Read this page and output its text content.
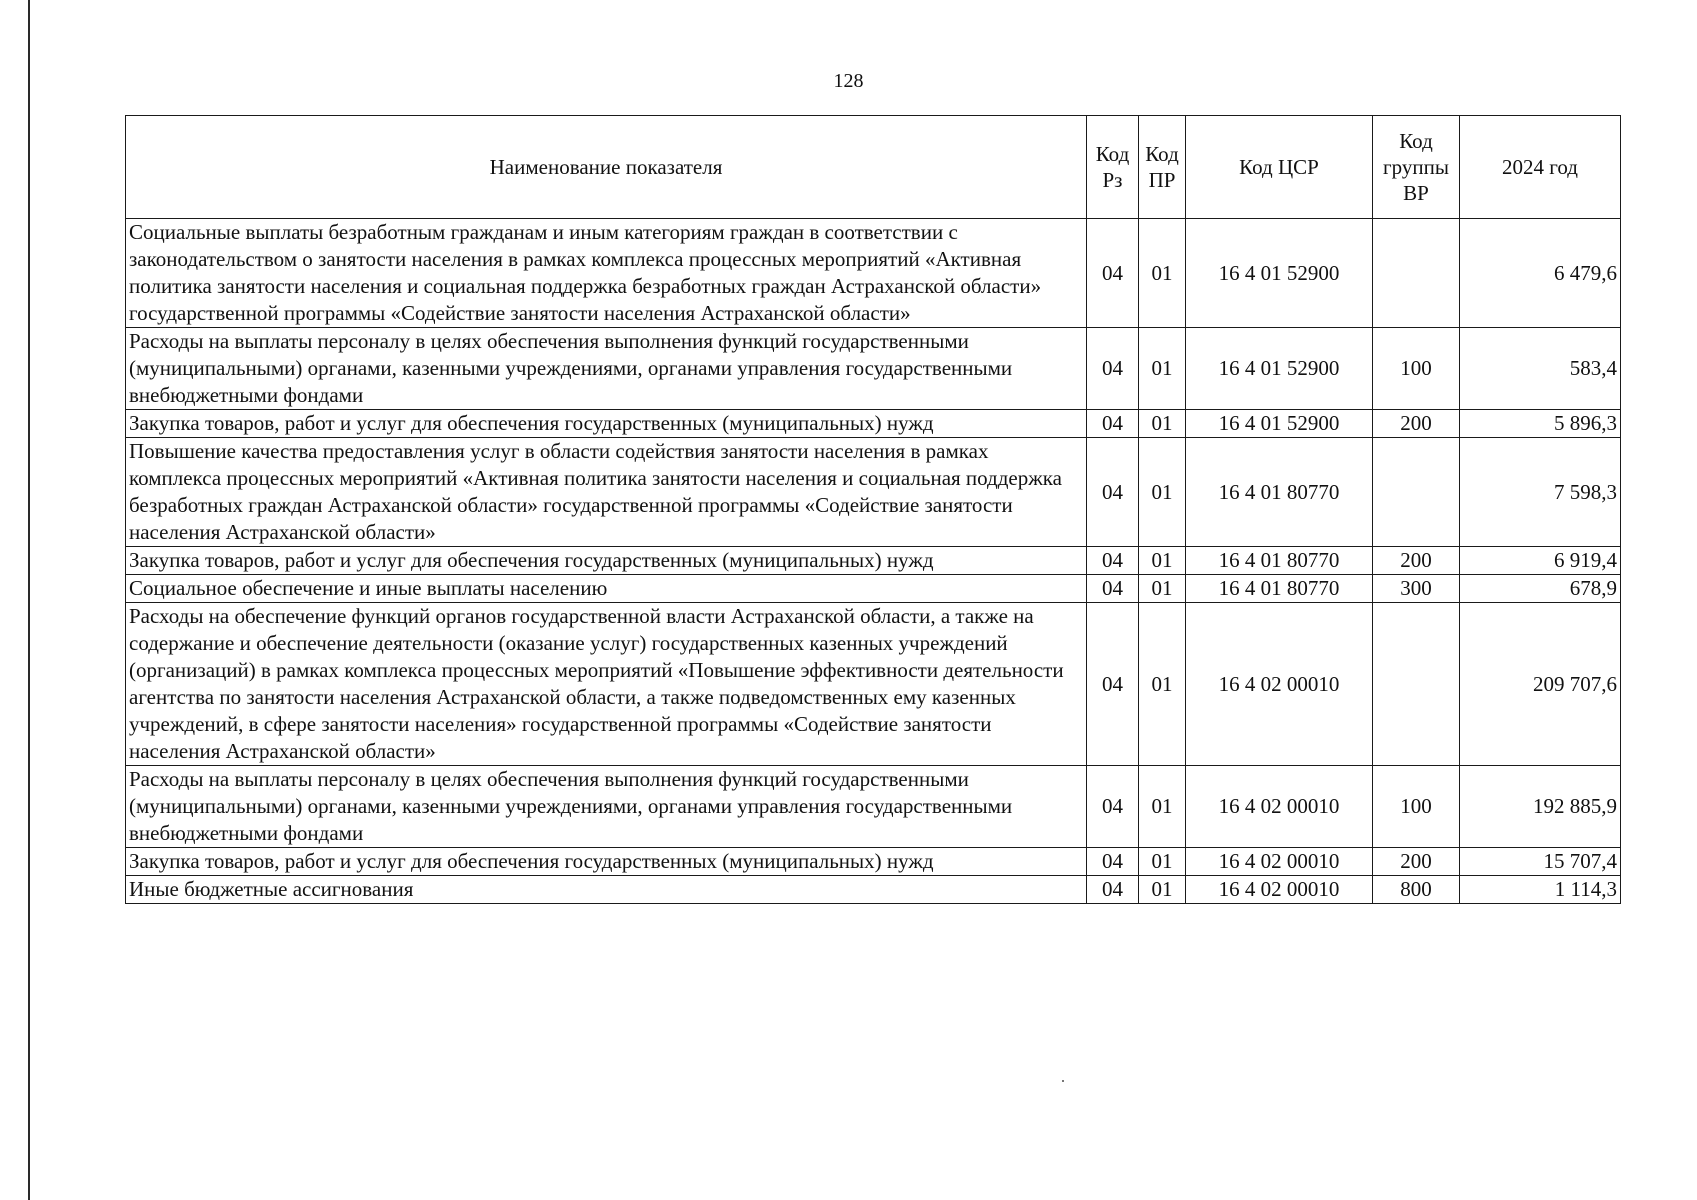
128
Наименование показателя	Код Рз	Код ПР	Код ЦСР	Код группы ВР	2024 год
Социальные выплаты безработным гражданам и иным категориям граждан в соответствии с законодательством о занятости населения в рамках комплекса процессных мероприятий «Активная политика занятости населения и социальная поддержка безработных граждан Астраханской области» государственной программы «Содействие занятости населения Астраханской области»	04	01	16 4 01 52900		6 479,6
Расходы на выплаты персоналу в целях обеспечения выполнения функций государственными (муниципальными) органами, казенными учреждениями, органами управления государственными внебюджетными фондами	04	01	16 4 01 52900	100	583,4
Закупка товаров, работ и услуг для обеспечения государственных (муниципальных) нужд	04	01	16 4 01 52900	200	5 896,3
Повышение качества предоставления услуг в области содействия занятости населения в рамках комплекса процессных мероприятий «Активная политика занятости населения и социальная поддержка безработных граждан Астраханской области» государственной программы «Содействие занятости населения Астраханской области»	04	01	16 4 01 80770		7 598,3
Закупка товаров, работ и услуг для обеспечения государственных (муниципальных) нужд	04	01	16 4 01 80770	200	6 919,4
Социальное обеспечение и иные выплаты населению	04	01	16 4 01 80770	300	678,9
Расходы на обеспечение функций органов государственной власти Астраханской области, а также на содержание и обеспечение деятельности (оказание услуг) государственных казенных учреждений (организаций) в рамках комплекса процессных мероприятий «Повышение эффективности деятельности агентства по занятости населения Астраханской области, а также подведомственных ему казенных учреждений, в сфере занятости населения» государственной программы «Содействие занятости населения Астраханской области»	04	01	16 4 02 00010		209 707,6
Расходы на выплаты персоналу в целях обеспечения выполнения функций государственными (муниципальными) органами, казенными учреждениями, органами управления государственными внебюджетными фондами	04	01	16 4 02 00010	100	192 885,9
Закупка товаров, работ и услуг для обеспечения государственных (муниципальных) нужд	04	01	16 4 02 00010	200	15 707,4
Иные бюджетные ассигнования	04	01	16 4 02 00010	800	1 114,3
